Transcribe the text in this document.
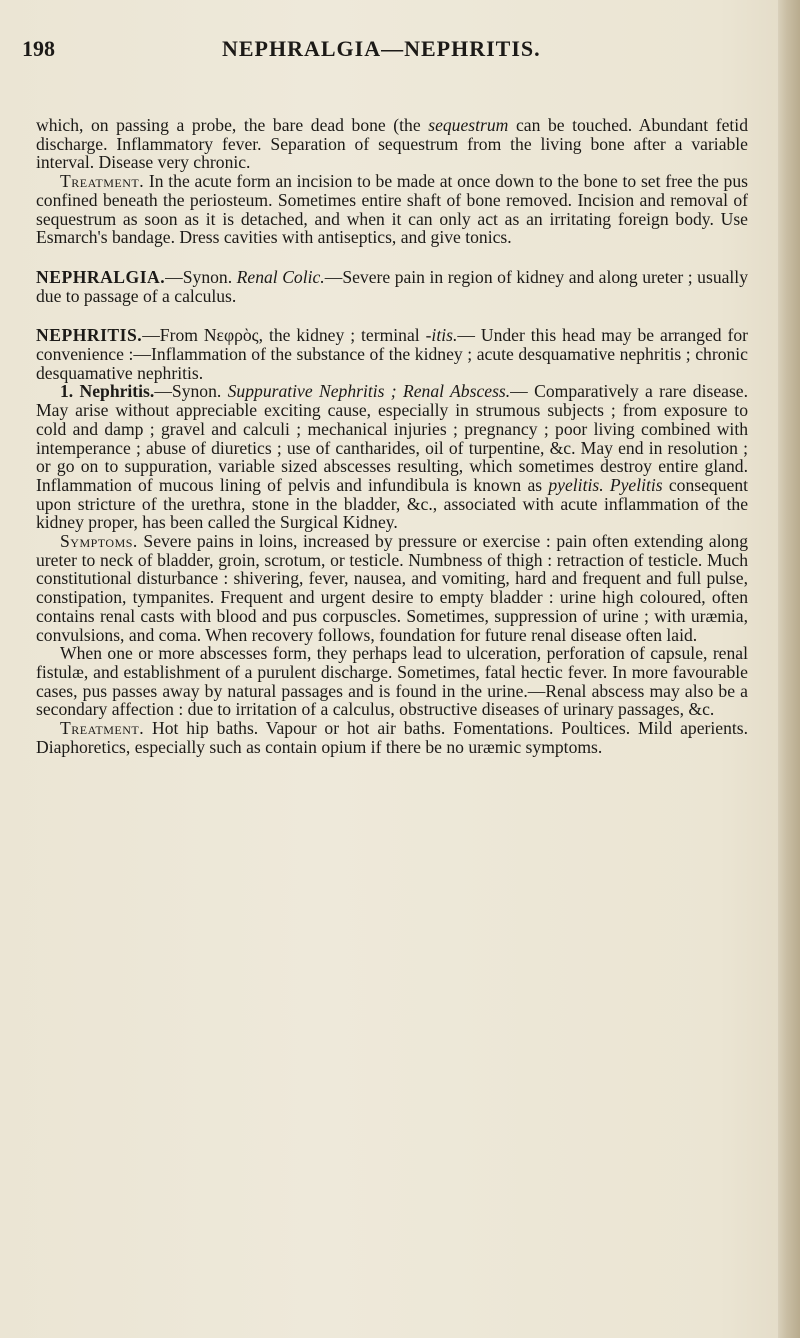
198	NEPHRALGIA—NEPHRITIS.

which, on passing a probe, the bare dead bone (the sequestrum can be touched. Abundant fetid discharge. Inflammatory fever. Separation of sequestrum from the living bone after a variable interval. Disease very chronic.

Treatment. In the acute form an incision to be made at once down to the bone to set free the pus confined beneath the periosteum. Sometimes entire shaft of bone removed. Incision and removal of sequestrum as soon as it is detached, and when it can only act as an irritating foreign body. Use Esmarch's bandage. Dress cavities with antiseptics, and give tonics.

NEPHRALGIA.—Synon. Renal Colic.—Severe pain in region of kidney and along ureter ; usually due to passage of a calculus.

NEPHRITIS.—From Νεφρὸς, the kidney ; terminal -itis.— Under this head may be arranged for convenience :—Inflammation of the substance of the kidney ; acute desquamative nephritis ; chronic desquamative nephritis.

1. Nephritis.—Synon. Suppurative Nephritis ; Renal Abscess.— Comparatively a rare disease. May arise without appreciable exciting cause, especially in strumous subjects ; from exposure to cold and damp ; gravel and calculi ; mechanical injuries ; pregnancy ; poor living combined with intemperance ; abuse of diuretics ; use of cantharides, oil of turpentine, &c. May end in resolution ; or go on to suppuration, variable sized abscesses resulting, which sometimes destroy entire gland. Inflammation of mucous lining of pelvis and infundibula is known as pyelitis. Pyelitis consequent upon stricture of the urethra, stone in the bladder, &c., associated with acute inflammation of the kidney proper, has been called the Surgical Kidney.

Symptoms. Severe pains in loins, increased by pressure or exercise : pain often extending along ureter to neck of bladder, groin, scrotum, or testicle. Numbness of thigh : retraction of testicle. Much constitutional disturbance : shivering, fever, nausea, and vomiting, hard and frequent and full pulse, constipation, tympanites. Frequent and urgent desire to empty bladder : urine high coloured, often contains renal casts with blood and pus corpuscles. Sometimes, suppression of urine ; with uræmia, convulsions, and coma. When recovery follows, foundation for future renal disease often laid.

When one or more abscesses form, they perhaps lead to ulceration, perforation of capsule, renal fistulæ, and establishment of a purulent discharge. Sometimes, fatal hectic fever. In more favourable cases, pus passes away by natural passages and is found in the urine.—Renal abscess may also be a secondary affection : due to irritation of a calculus, obstructive diseases of urinary passages, &c.

Treatment. Hot hip baths. Vapour or hot air baths. Fomentations. Poultices. Mild aperients. Diaphoretics, especially such as contain opium if there be no uræmic symptoms.
